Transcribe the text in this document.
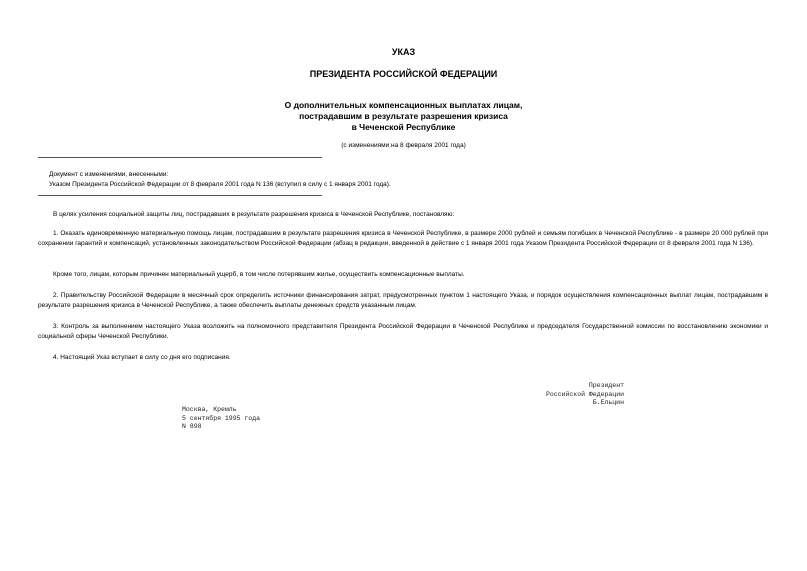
УКАЗ
ПРЕЗИДЕНТА РОССИЙСКОЙ ФЕДЕРАЦИИ
О дополнительных компенсационных выплатах лицам,
пострадавшим в результате разрешения кризиса
в Чеченской Республике
(с изменениями на 8 февраля 2001 года)
Документ с изменениями, внесенными:
Указом Президента Российской Федерации от 8 февраля 2001 года N 136 (вступил в силу с 1 января 2001 года).
В целях усиления социальной защиты лиц, пострадавших в результате разрешения кризиса в Чеченской Республике, постановляю:
1. Оказать единовременную материальную помощь лицам, пострадавшим в результате разрешения кризиса в Чеченской Республике, в размере 2000 рублей и семьям погибших в Чеченской Республике - в размере 20 000 рублей при сохранении гарантий и компенсаций, установленных законодательством Российской Федерации (абзац в редакции, введенной в действие с 1 января 2001 года Указом Президента Российской Федерации от 8 февраля 2001 года N 136).
Кроме того, лицам, которым причинен материальный ущерб, в том числе потерявшим жилье, осуществить компенсационные выплаты.
2. Правительству Российской Федерации в месячный срок определить источники финансирования затрат, предусмотренных пунктом 1 настоящего Указа, и порядок осуществления компенсационных выплат лицам, пострадавшим в результате разрешения кризиса в Чеченской Республике, а также обеспечить выплаты денежных средств указанным лицам.
3. Контроль за выполнением настоящего Указа возложить на полномочного представителя Президента Российской Федерации в Чеченской Республике и председателя Государственной комиссии по восстановлению экономики и социальной сферы Чеченской Республики.
4. Настоящий Указ вступает в силу со дня его подписания.
Президент
Российской Федерации
Б.Ельцин
Москва, Кремль
5 сентября 1995 года
N 898
